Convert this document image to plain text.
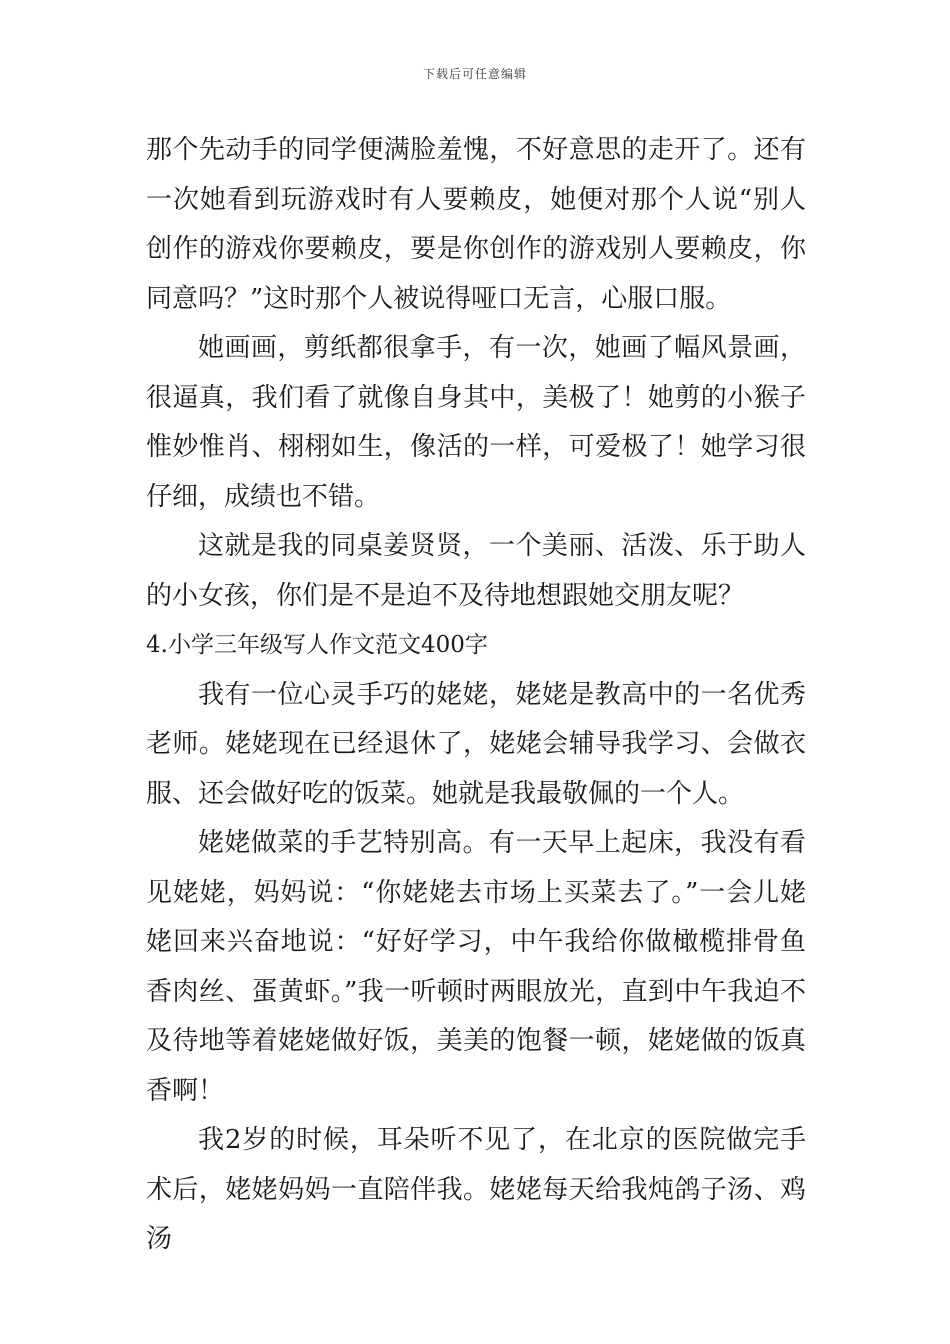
下载后可任意编辑

那个先动手的同学便满脸羞愧，不好意思的走开了。还有一次她看到玩游戏时有人要赖皮，她便对那个人说“别人创作的游戏你要赖皮，要是你创作的游戏别人要赖皮，你同意吗？”这时那个人被说得哑口无言，心服口服。

她画画，剪纸都很拿手，有一次，她画了幅风景画，很逼真，我们看了就像自身其中，美极了！她剪的小猴子惟妙惟肖、栩栩如生，像活的一样，可爱极了！她学习很仔细，成绩也不错。

这就是我的同桌姜贤贤，一个美丽、活泼、乐于助人的小女孩，你们是不是迫不及待地想跟她交朋友呢？

4.小学三年级写人作文范文400字

我有一位心灵手巧的姥姥，姥姥是教高中的一名优秀老师。姥姥现在已经退休了，姥姥会辅导我学习、会做衣服、还会做好吃的饭菜。她就是我最敬佩的一个人。

姥姥做菜的手艺特别高。有一天早上起床，我没有看见姥姥，妈妈说：“你姥姥去市场上买菜去了。”一会儿姥姥回来兴奋地说：“好好学习，中午我给你做橄榄排骨鱼香肉丝、蛋黄虾。”我一听顿时两眼放光，直到中午我迫不及待地等着姥姥做好饭，美美的饱餐一顿，姥姥做的饭真香啊！

我2岁的时候，耳朵听不见了，在北京的医院做完手术后，姥姥妈妈一直陪伴我。姥姥每天给我炖鸽子汤、鸡汤
